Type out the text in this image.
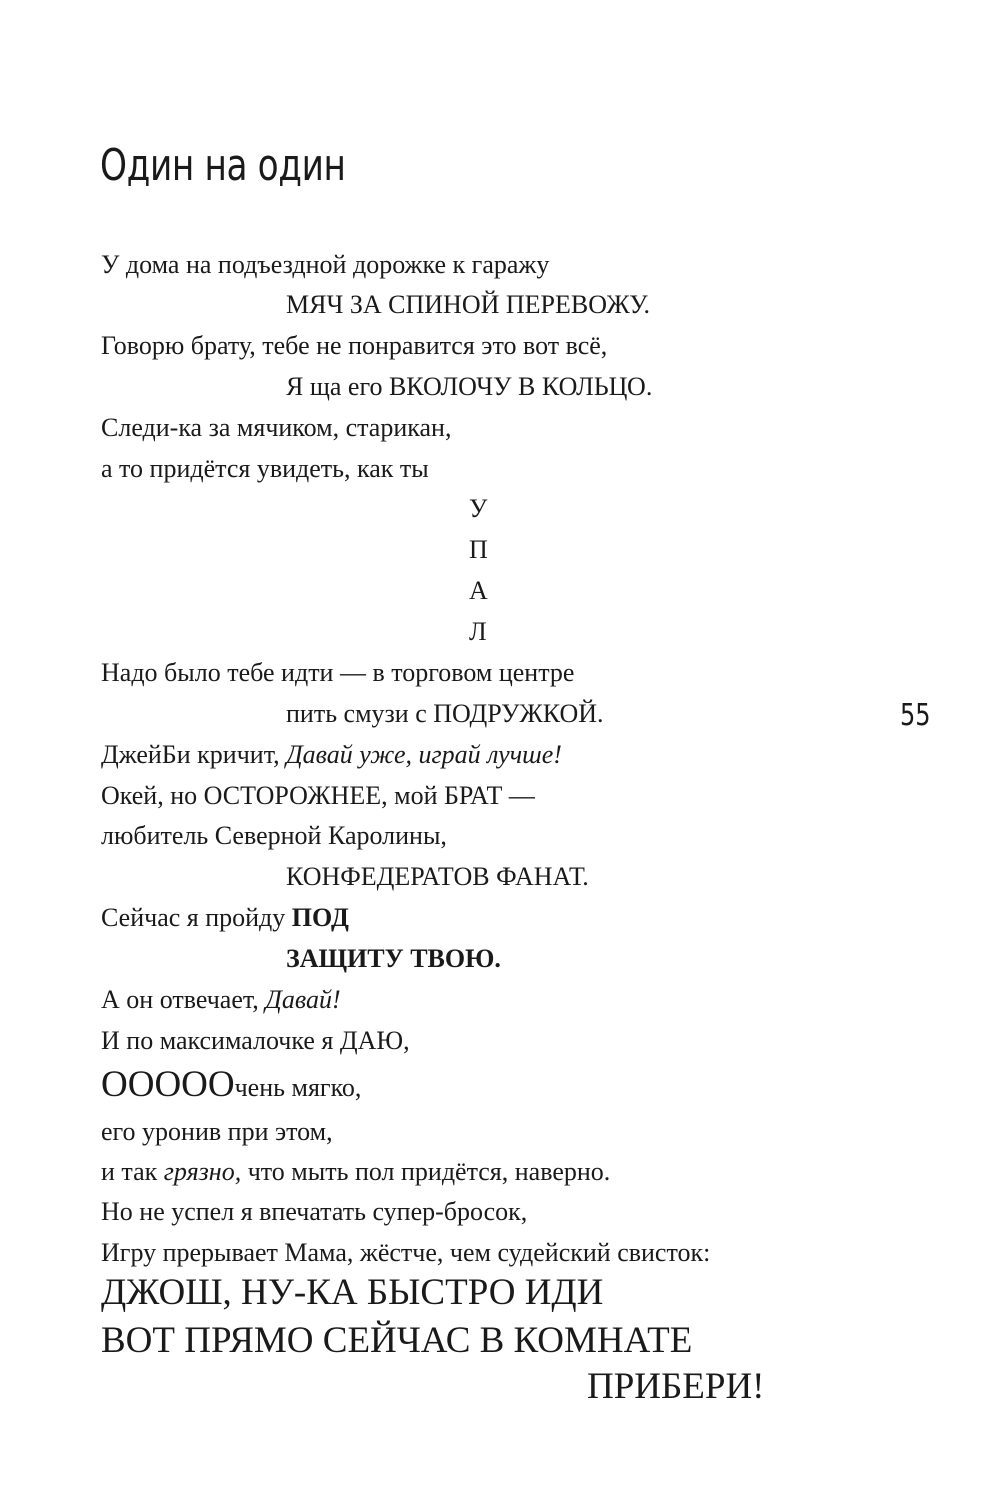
Один на один
55
У дома на подъездной дорожке к гаражу
МЯЧ ЗА СПИНОЙ ПЕРЕВОЖУ.
Говорю брату, тебе не понравится это вот всё,
Я ща его ВКОЛОЧУ В КОЛЬЦО.
Следи-ка за мячиком, старикан,
а то придётся увидеть, как ты
У
П
А
Л
Надо было тебе идти — в торговом центре
пить смузи с ПОДРУЖКОЙ.
ДжейБи кричит, Давай уже, играй лучше!
Окей, но ОСТОРОЖНЕЕ, мой БРАТ —
любитель Северной Каролины,
КОНФЕДЕРАТОВ ФАНАТ.
Сейчас я пройду ПОД
ЗАЩИТУ ТВОЮ.
А он отвечает, Давай!
И по максималочке я ДАЮ,
ОООООчень мягко,
его уронив при этом,
и так грязно, что мыть пол придётся, наверно.
Но не успел я впечатать супер-бросок,
Игру прерывает Мама, жёстче, чем судейский свисток:
ДЖОШ, НУ-КА БЫСТРО ИДИ
ВОТ ПРЯМО СЕЙЧАС В КОМНАТЕ
ПРИБЕРИ!
